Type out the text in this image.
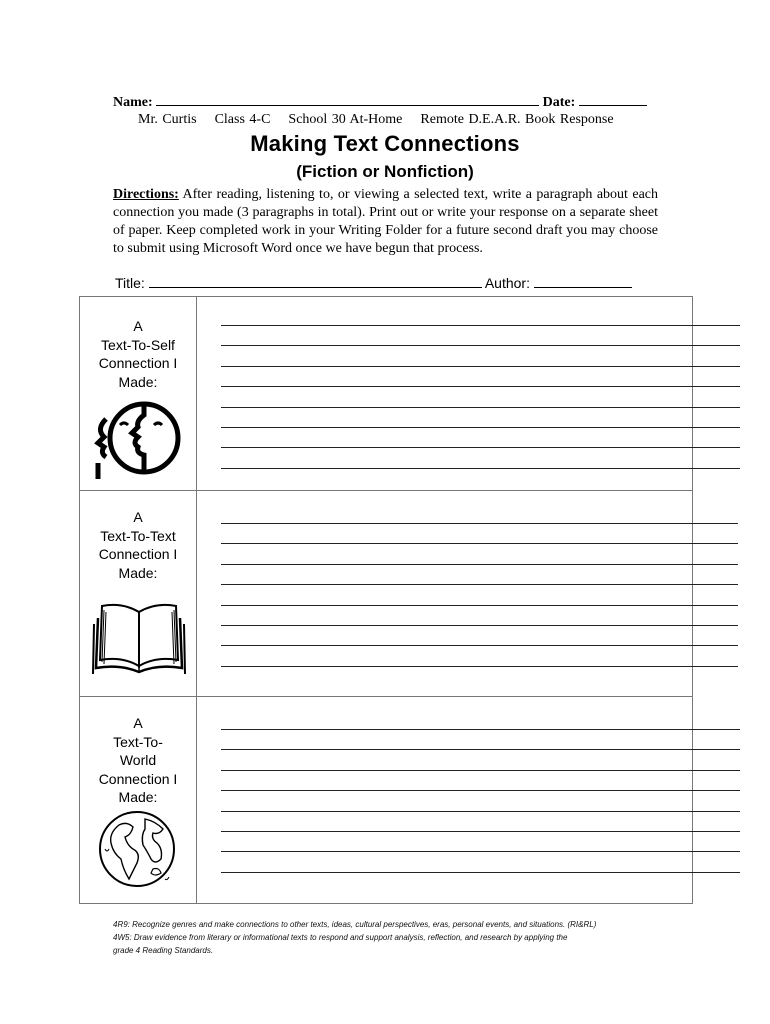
Name:	Date:
Mr. Curtis    Class 4-C    School 30 At-Home    Remote D.E.A.R. Book Response
Making Text Connections
(Fiction or Nonfiction)
Directions: After reading, listening to, or viewing a selected text, write a paragraph about each connection you made (3 paragraphs in total). Print out or write your response on a separate sheet of paper. Keep completed work in your Writing Folder for a future second draft you may choose to submit using Microsoft Word once we have begun that process.
Title:	Author:
A
Text-To-Self
Connection I
Made:
A
Text-To-Text
Connection I
Made:
A
Text-To-
World
Connection I
Made:
4R9: Recognize genres and make connections to other texts, ideas, cultural perspectives, eras, personal events, and situations. (RI&RL)
4W5: Draw evidence from literary or informational texts to respond and support analysis, reflection, and research by applying the
grade 4 Reading Standards.
